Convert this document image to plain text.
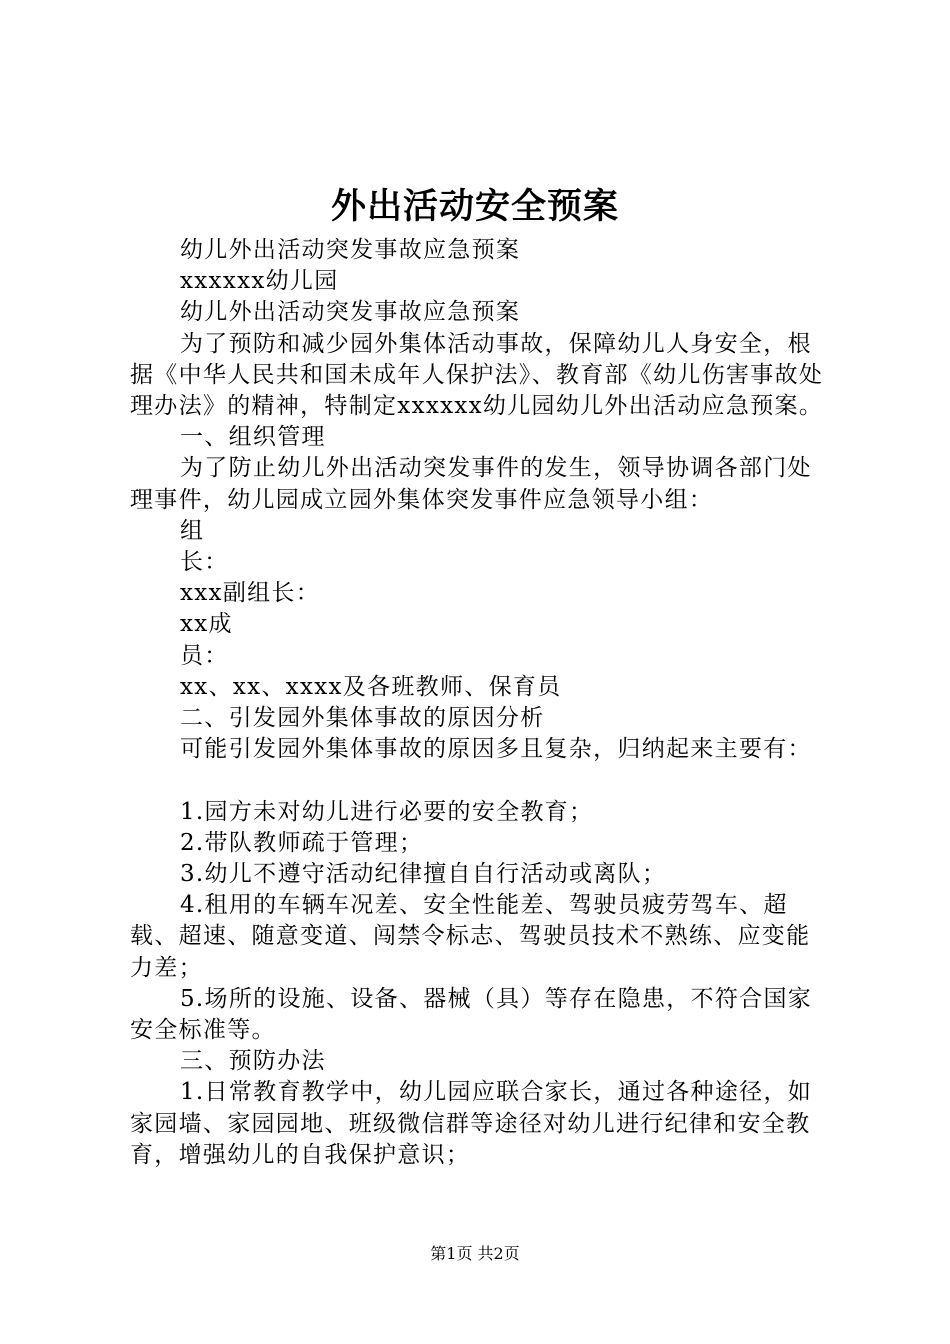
外出活动安全预案

幼儿外出活动突发事故应急预案

xxxxxx幼儿园

幼儿外出活动突发事故应急预案

为了预防和减少园外集体活动事故，保障幼儿人身安全，根据《中华人民共和国未成年人保护法》、教育部《幼儿伤害事故处理办法》的精神，特制定xxxxxx幼儿园幼儿外出活动应急预案。

一、组织管理

为了防止幼儿外出活动突发事件的发生，领导协调各部门处理事件，幼儿园成立园外集体突发事件应急领导小组：

组

长：

xxx副组长：

xx成

员：

xx、xx、xxxx及各班教师、保育员

二、引发园外集体事故的原因分析

可能引发园外集体事故的原因多且复杂，归纳起来主要有：

1.园方未对幼儿进行必要的安全教育；

2.带队教师疏于管理；

3.幼儿不遵守活动纪律擅自自行活动或离队；

4.租用的车辆车况差、安全性能差、驾驶员疲劳驾车、超载、超速、随意变道、闯禁令标志、驾驶员技术不熟练、应变能力差；

5.场所的设施、设备、器械（具）等存在隐患，不符合国家安全标准等。

三、预防办法

1.日常教育教学中，幼儿园应联合家长，通过各种途径，如家园墙、家园园地、班级微信群等途径对幼儿进行纪律和安全教育，增强幼儿的自我保护意识；

第1页 共2页
